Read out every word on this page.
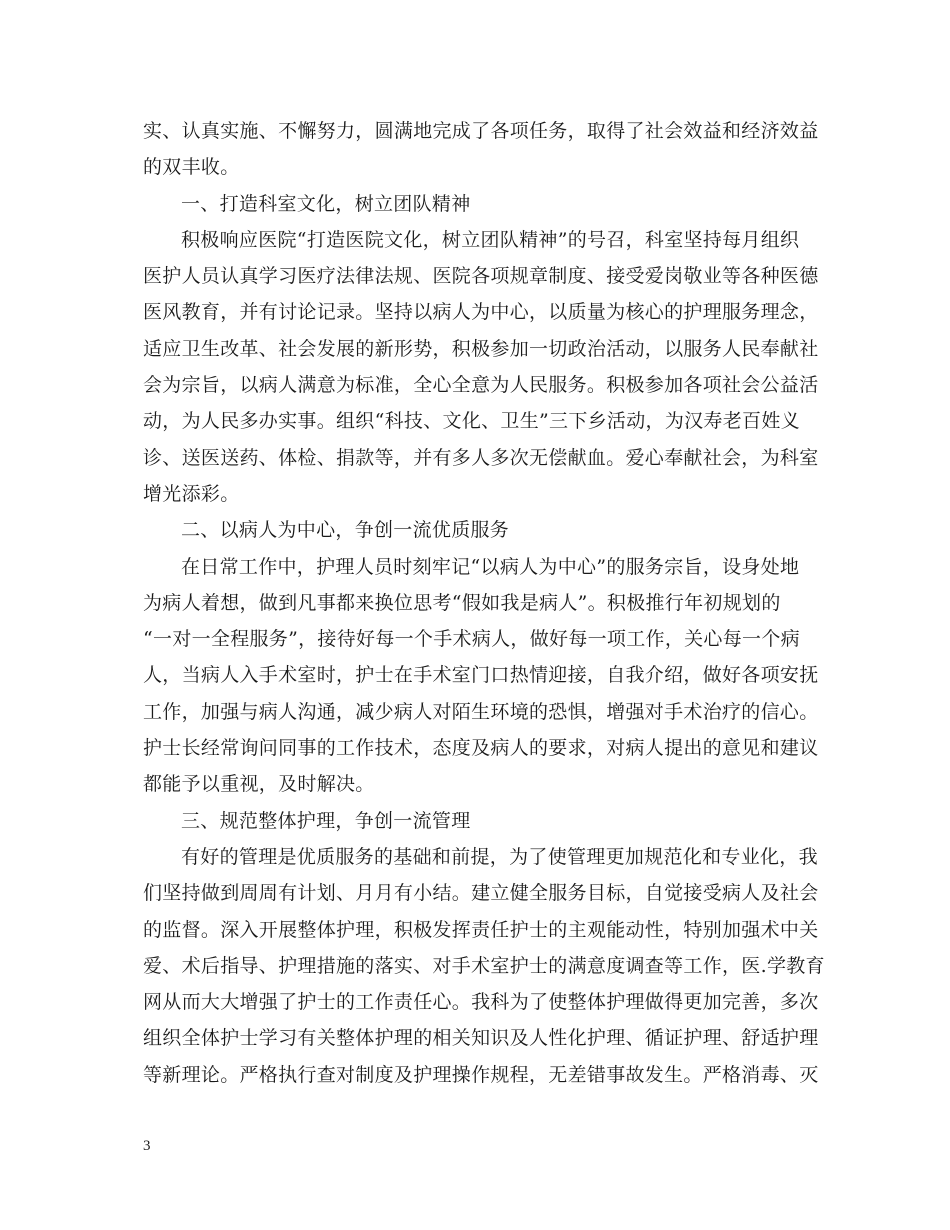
实、认真实施、不懈努力，圆满地完成了各项任务，取得了社会效益和经济效益
的双丰收。
一、打造科室文化，树立团队精神
积极响应医院“打造医院文化，树立团队精神”的号召，科室坚持每月组织
医护人员认真学习医疗法律法规、医院各项规章制度、接受爱岗敬业等各种医德
医风教育，并有讨论记录。坚持以病人为中心，以质量为核心的护理服务理念，
适应卫生改革、社会发展的新形势，积极参加一切政治活动，以服务人民奉献社
会为宗旨，以病人满意为标准，全心全意为人民服务。积极参加各项社会公益活
动，为人民多办实事。组织“科技、文化、卫生”三下乡活动，为汉寿老百姓义
诊、送医送药、体检、捐款等，并有多人多次无偿献血。爱心奉献社会，为科室
增光添彩。
二、以病人为中心，争创一流优质服务
在日常工作中，护理人员时刻牢记“以病人为中心”的服务宗旨，设身处地
为病人着想，做到凡事都来换位思考“假如我是病人”。积极推行年初规划的
“一对一全程服务”，接待好每一个手术病人，做好每一项工作，关心每一个病
人，当病人入手术室时，护士在手术室门口热情迎接，自我介绍，做好各项安抚
工作，加强与病人沟通，减少病人对陌生环境的恐惧，增强对手术治疗的信心。
护士长经常询问同事的工作技术，态度及病人的要求，对病人提出的意见和建议
都能予以重视，及时解决。
三、规范整体护理，争创一流管理
有好的管理是优质服务的基础和前提，为了使管理更加规范化和专业化，我
们坚持做到周周有计划、月月有小结。建立健全服务目标，自觉接受病人及社会
的监督。深入开展整体护理，积极发挥责任护士的主观能动性，特别加强术中关
爱、术后指导、护理措施的落实、对手术室护士的满意度调查等工作，医.学教育
网从而大大增强了护士的工作责任心。我科为了使整体护理做得更加完善，多次
组织全体护士学习有关整体护理的相关知识及人性化护理、循证护理、舒适护理
等新理论。严格执行查对制度及护理操作规程，无差错事故发生。严格消毒、灭
3
